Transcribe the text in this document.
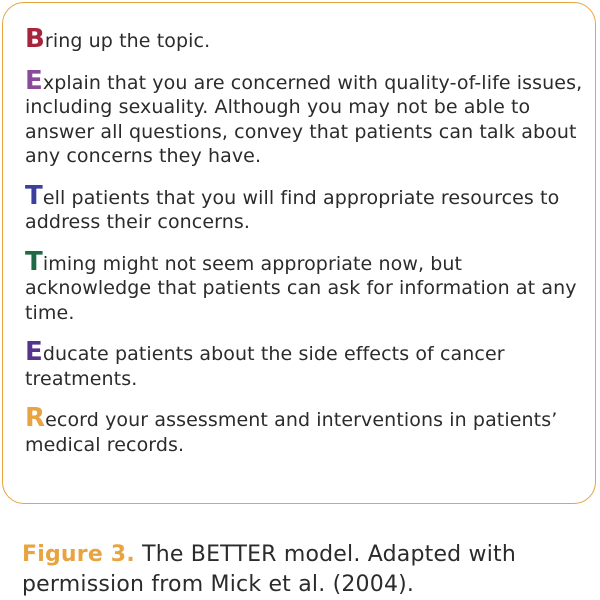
Bring up the topic.

Explain that you are concerned with quality-of-life issues, including sexuality. Although you may not be able to answer all questions, convey that patients can talk about any concerns they have.

Tell patients that you will find appropriate resources to address their concerns.

Timing might not seem appropriate now, but acknowledge that patients can ask for information at any time.

Educate patients about the side effects of cancer treatments.

Record your assessment and interventions in patients’ medical records.

Figure 3. The BETTER model. Adapted with permission from Mick et al. (2004).
